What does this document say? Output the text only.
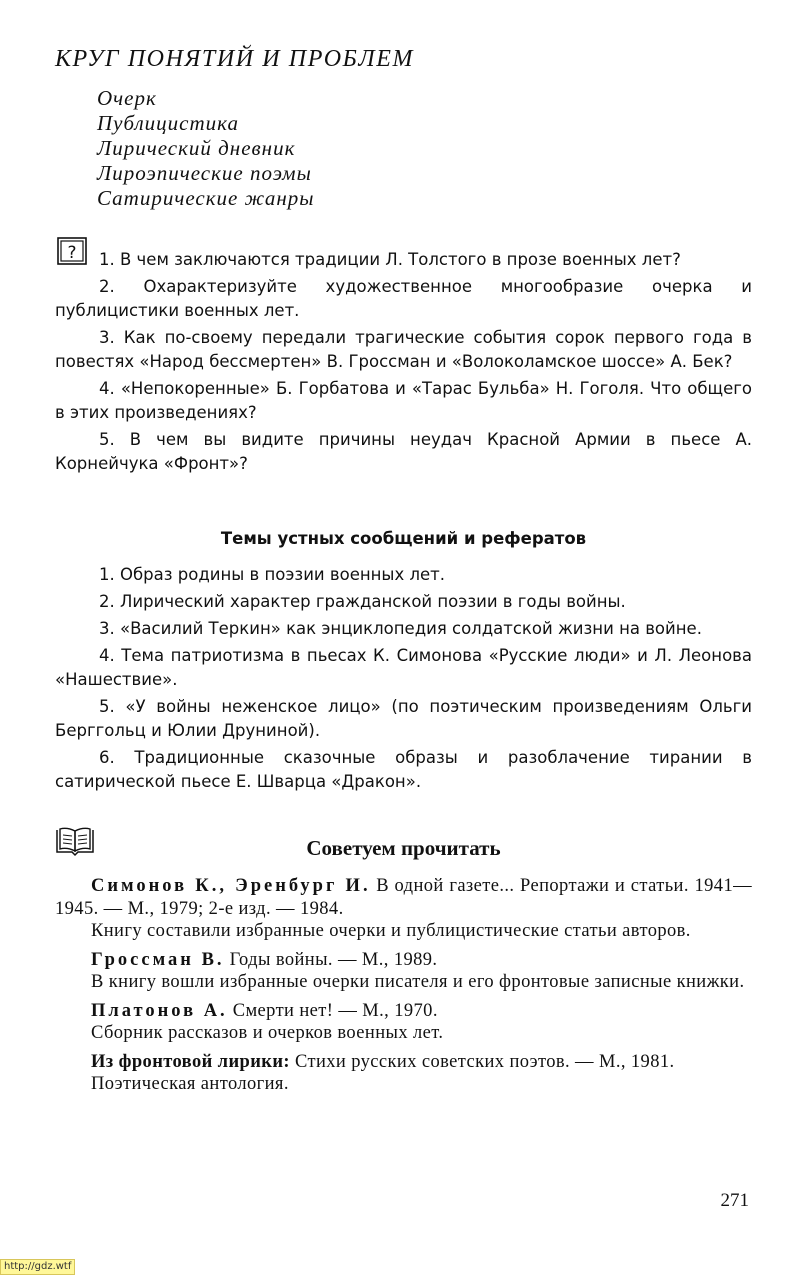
КРУГ ПОНЯТИЙ И ПРОБЛЕМ
Очерк
Публицистика
Лирический дневник
Лироэпические поэмы
Сатирические жанры
?	1. В чем заключаются традиции Л. Толстого в прозе военных лет?
2. Охарактеризуйте художественное многообразие очерка и публицистики военных лет.
3. Как по-своему передали трагические события сорок первого года в повестях «Народ бессмертен» В. Гроссман и «Волоколамское шоссе» А. Бек?
4. «Непокоренные» Б. Горбатова и «Тарас Бульба» Н. Гоголя. Что общего в этих произведениях?
5. В чем вы видите причины неудач Красной Армии в пьесе А. Корнейчука «Фронт»?
Темы устных сообщений и рефератов
1. Образ родины в поэзии военных лет.
2. Лирический характер гражданской поэзии в годы войны.
3. «Василий Теркин» как энциклопедия солдатской жизни на войне.
4. Тема патриотизма в пьесах К. Симонова «Русские люди» и Л. Леонова «Нашествие».
5. «У войны неженское лицо» (по поэтическим произведениям Ольги Берггольц и Юлии Друниной).
6. Традиционные сказочные образы и разоблачение тирании в сатирической пьесе Е. Шварца «Дракон».
Советуем прочитать

Симонов К., Эренбург И. В одной газете... Репортажи и статьи. 1941—1945. — М., 1979; 2-е изд. — 1984.

Книгу составили избранные очерки и публицистические статьи авторов.

Гроссман В. Годы войны. — М., 1989.

В книгу вошли избранные очерки писателя и его фронтовые записные книжки.

Платонов А. Смерти нет! — М., 1970.

Сборник рассказов и очерков военных лет.

Из фронтовой лирики: Стихи русских советских поэтов. — М., 1981.

Поэтическая антология.

271
http://gdz.wtf
